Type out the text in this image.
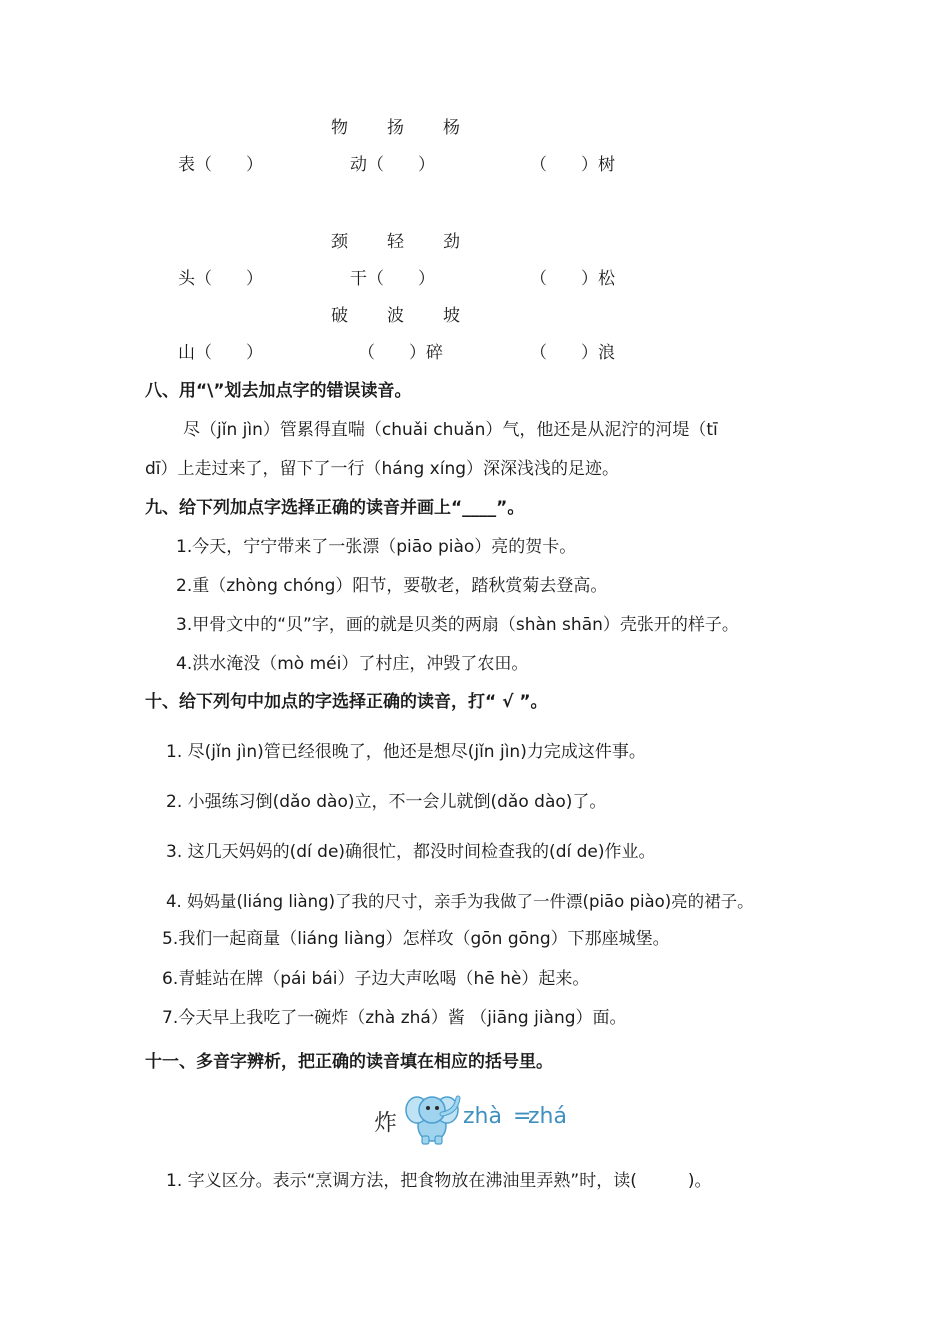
物 扬 杨
表（　　）	动（　　）	（　　）树
颈 轻 劲
头（　　）	干（　　）	（　　）松
破 波 坡
山（　　）	（　　）碎	（　　）浪
八、用“\”划去加点字的错误读音。
尽（jǐn jìn）管累得直喘（chuǎi chuǎn）气，他还是从泥泞的河堤（tī
dī）上走过来了，留下了一行（háng xíng）深深浅浅的足迹。
九、给下列加点字选择正确的读音并画上“____”。
1.今天，宁宁带来了一张漂（piāo piào）亮的贺卡。
2.重（zhòng chóng）阳节，要敬老，踏秋赏菊去登高。
3.甲骨文中的“贝”字，画的就是贝类的两扇（shàn shān）壳张开的样子。
4.洪水淹没（mò méi）了村庄，冲毁了农田。
十、给下列句中加点的字选择正确的读音，打“ √ ”。
1. 尽(jǐn jìn)管已经很晚了，他还是想尽(jǐn jìn)力完成这件事。
2. 小强练习倒(dǎo dào)立，不一会儿就倒(dǎo dào)了。
3. 这几天妈妈的(dí de)确很忙，都没时间检查我的(dí de)作业。
4. 妈妈量(liáng liàng)了我的尺寸，亲手为我做了一件漂(piāo piào)亮的裙子。
5.我们一起商量（liáng liàng）怎样攻（gōn gōng）下那座城堡。
6.青蛙站在牌（pái bái）子边大声吆喝（hē hè）起来。
7.今天早上我吃了一碗炸（zhà zhá）酱 （jiāng jiàng）面。
十一、多音字辨析，把正确的读音填在相应的括号里。
炸	zhà =
zhá
1. 字义区分。表示“烹调方法，把食物放在沸油里弄熟”时，读(　　　)。
